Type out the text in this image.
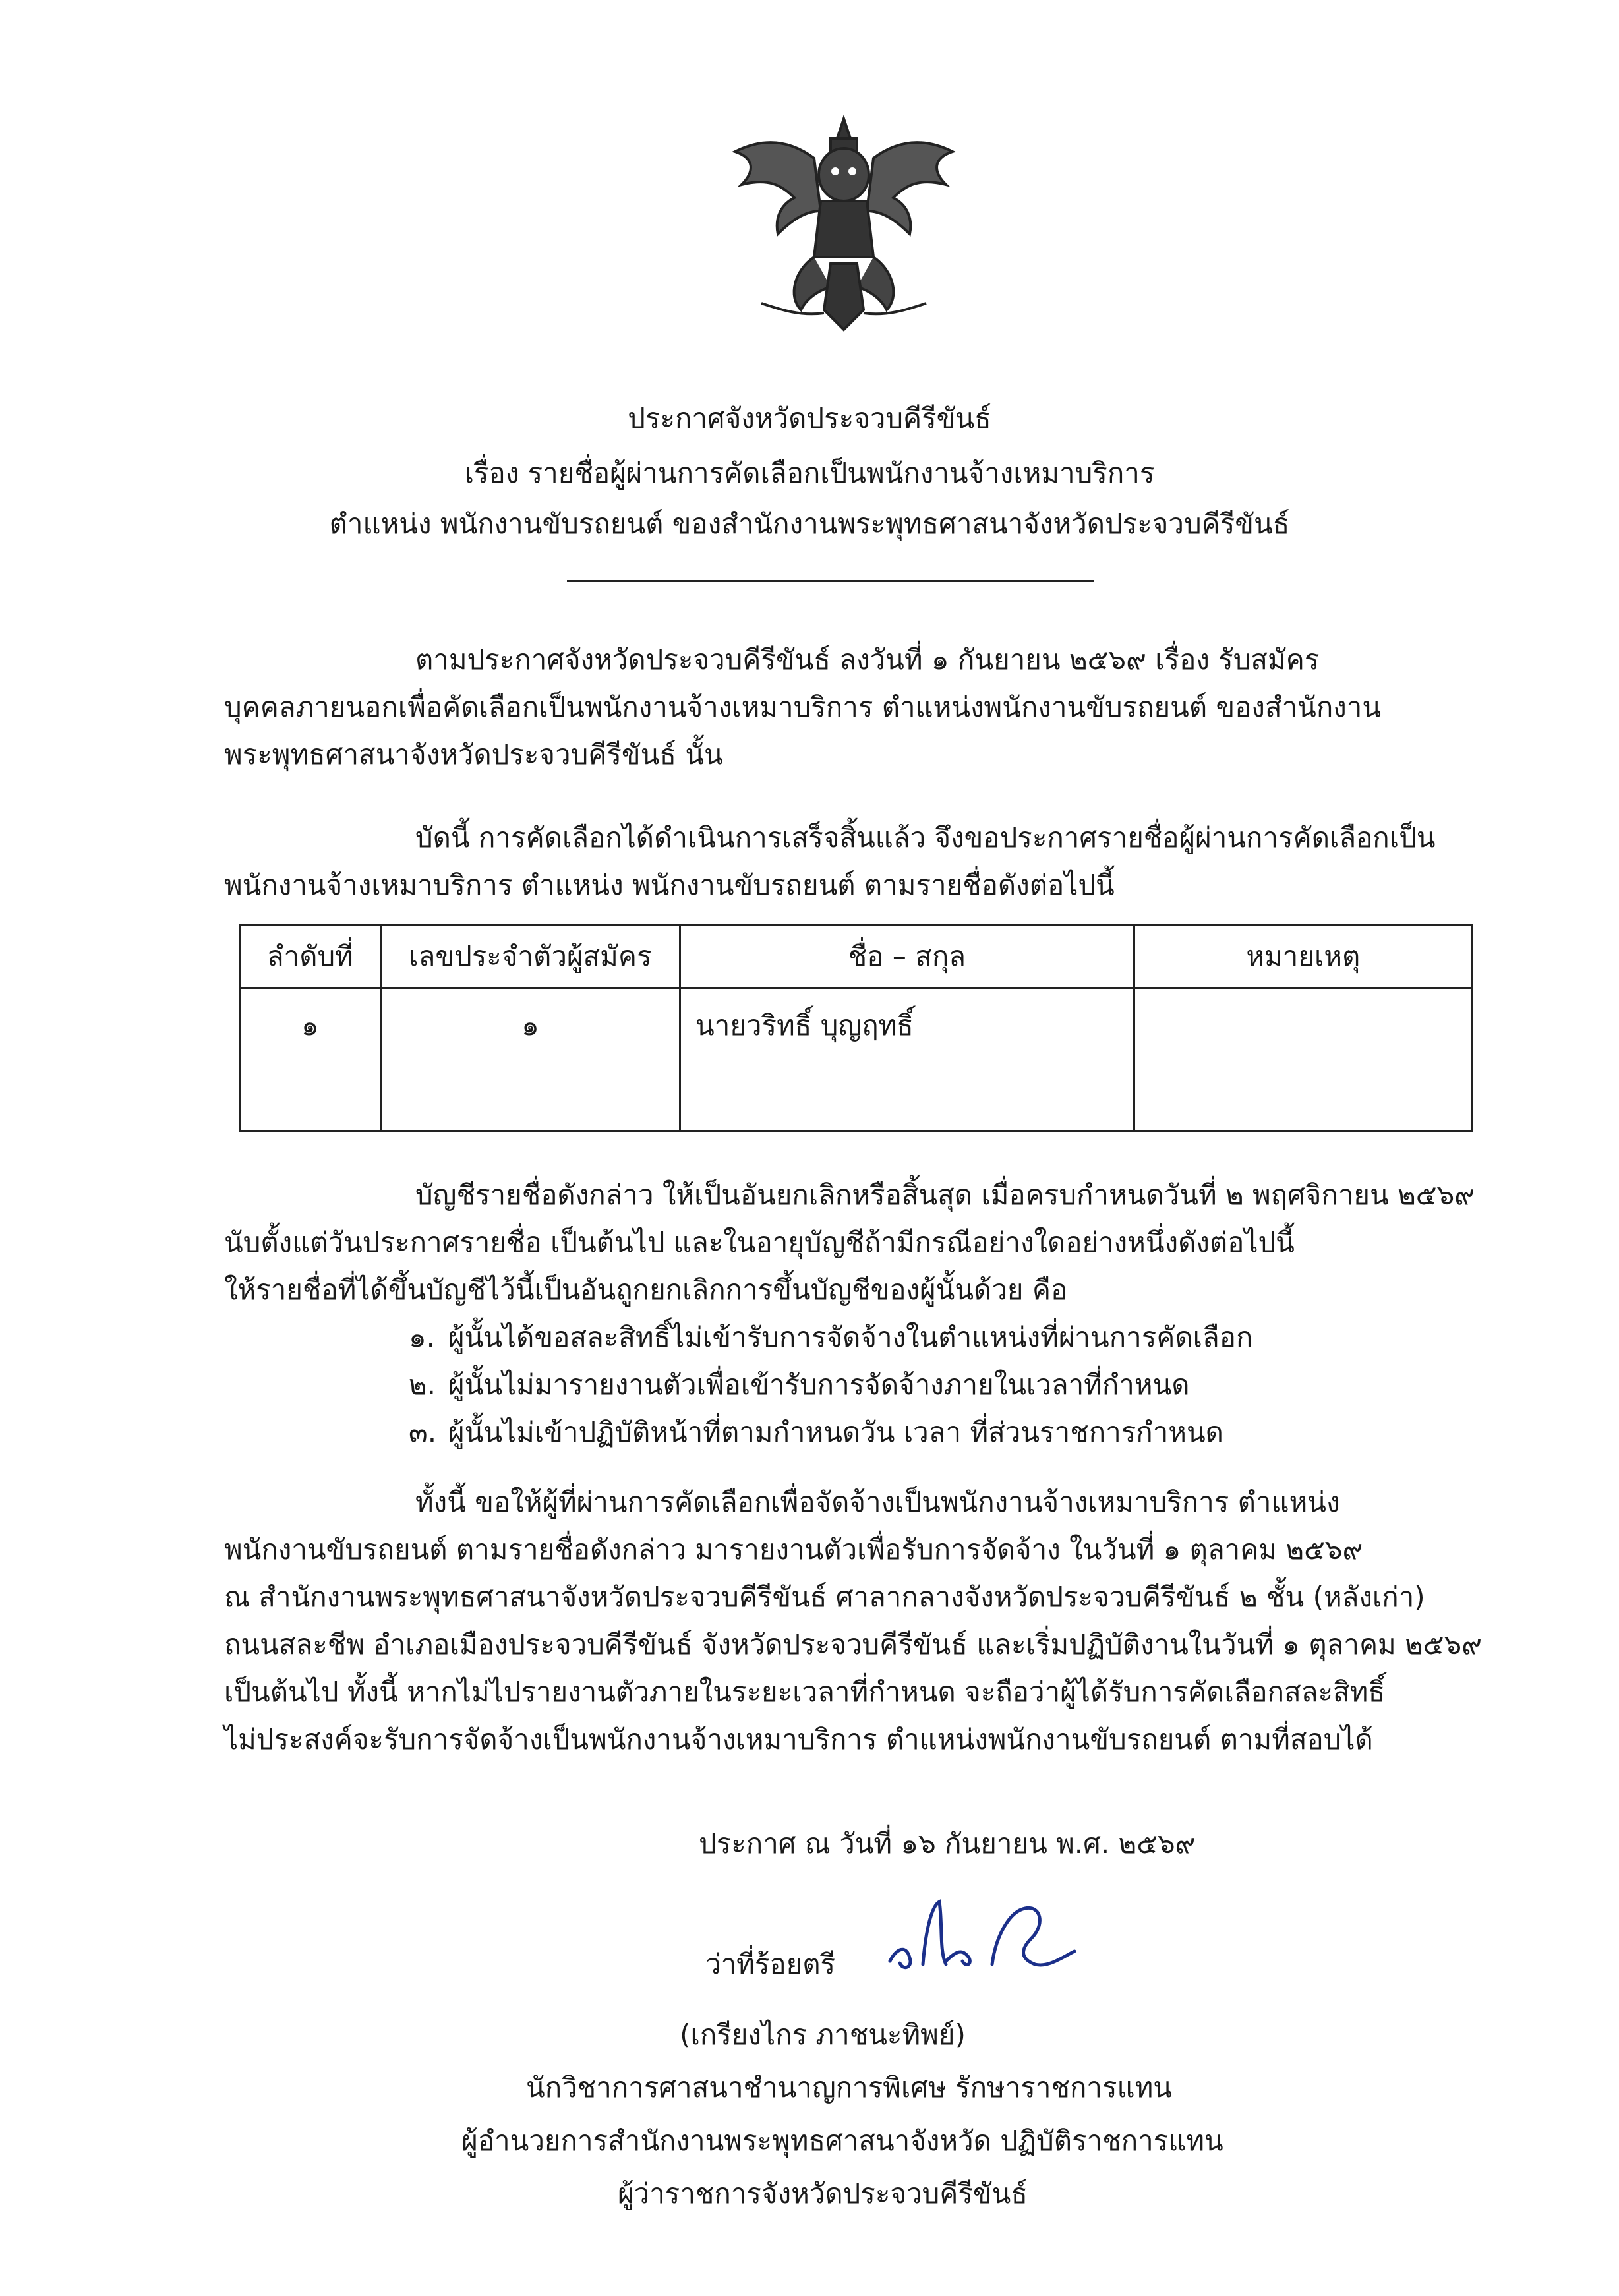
ประกาศจังหวัดประจวบคีรีขันธ์
เรื่อง รายชื่อผู้ผ่านการคัดเลือกเป็นพนักงานจ้างเหมาบริการ
ตำแหน่ง พนักงานขับรถยนต์ ของสำนักงานพระพุทธศาสนาจังหวัดประจวบคีรีขันธ์
ตามประกาศจังหวัดประจวบคีรีขันธ์ ลงวันที่ ๑ กันยายน ๒๕๖๙ เรื่อง รับสมัคร
บุคคลภายนอกเพื่อคัดเลือกเป็นพนักงานจ้างเหมาบริการ ตำแหน่งพนักงานขับรถยนต์ ของสำนักงาน
พระพุทธศาสนาจังหวัดประจวบคีรีขันธ์ นั้น
บัดนี้ การคัดเลือกได้ดำเนินการเสร็จสิ้นแล้ว จึงขอประกาศรายชื่อผู้ผ่านการคัดเลือกเป็น
พนักงานจ้างเหมาบริการ ตำแหน่ง พนักงานขับรถยนต์ ตามรายชื่อดังต่อไปนี้
ลำดับที่	เลขประจำตัวผู้สมัคร	ชื่อ – สกุล	หมายเหตุ
๑	๑	นายวริทธิ์ บุญฤทธิ์	
บัญชีรายชื่อดังกล่าว ให้เป็นอันยกเลิกหรือสิ้นสุด เมื่อครบกำหนดวันที่ ๒ พฤศจิกายน ๒๕๖๙
นับตั้งแต่วันประกาศรายชื่อ เป็นต้นไป และในอายุบัญชีถ้ามีกรณีอย่างใดอย่างหนึ่งดังต่อไปนี้
ให้รายชื่อที่ได้ขึ้นบัญชีไว้นี้เป็นอันถูกยกเลิกการขึ้นบัญชีของผู้นั้นด้วย คือ
๑. ผู้นั้นได้ขอสละสิทธิ์ไม่เข้ารับการจัดจ้างในตำแหน่งที่ผ่านการคัดเลือก
๒. ผู้นั้นไม่มารายงานตัวเพื่อเข้ารับการจัดจ้างภายในเวลาที่กำหนด
๓. ผู้นั้นไม่เข้าปฏิบัติหน้าที่ตามกำหนดวัน เวลา ที่ส่วนราชการกำหนด
ทั้งนี้ ขอให้ผู้ที่ผ่านการคัดเลือกเพื่อจัดจ้างเป็นพนักงานจ้างเหมาบริการ ตำแหน่ง
พนักงานขับรถยนต์ ตามรายชื่อดังกล่าว มารายงานตัวเพื่อรับการจัดจ้าง ในวันที่ ๑ ตุลาคม ๒๕๖๙
ณ สำนักงานพระพุทธศาสนาจังหวัดประจวบคีรีขันธ์ ศาลากลางจังหวัดประจวบคีรีขันธ์ ๒ ชั้น (หลังเก่า)
ถนนสละชีพ อำเภอเมืองประจวบคีรีขันธ์ จังหวัดประจวบคีรีขันธ์ และเริ่มปฏิบัติงานในวันที่ ๑ ตุลาคม ๒๕๖๙
เป็นต้นไป ทั้งนี้ หากไม่ไปรายงานตัวภายในระยะเวลาที่กำหนด จะถือว่าผู้ได้รับการคัดเลือกสละสิทธิ์
ไม่ประสงค์จะรับการจัดจ้างเป็นพนักงานจ้างเหมาบริการ ตำแหน่งพนักงานขับรถยนต์ ตามที่สอบได้
ประกาศ ณ วันที่ ๑๖ กันยายน พ.ศ. ๒๕๖๙
ว่าที่ร้อยตรี
(เกรียงไกร ภาชนะทิพย์)
นักวิชาการศาสนาชำนาญการพิเศษ รักษาราชการแทน
ผู้อำนวยการสำนักงานพระพุทธศาสนาจังหวัด ปฏิบัติราชการแทน
ผู้ว่าราชการจังหวัดประจวบคีรีขันธ์
